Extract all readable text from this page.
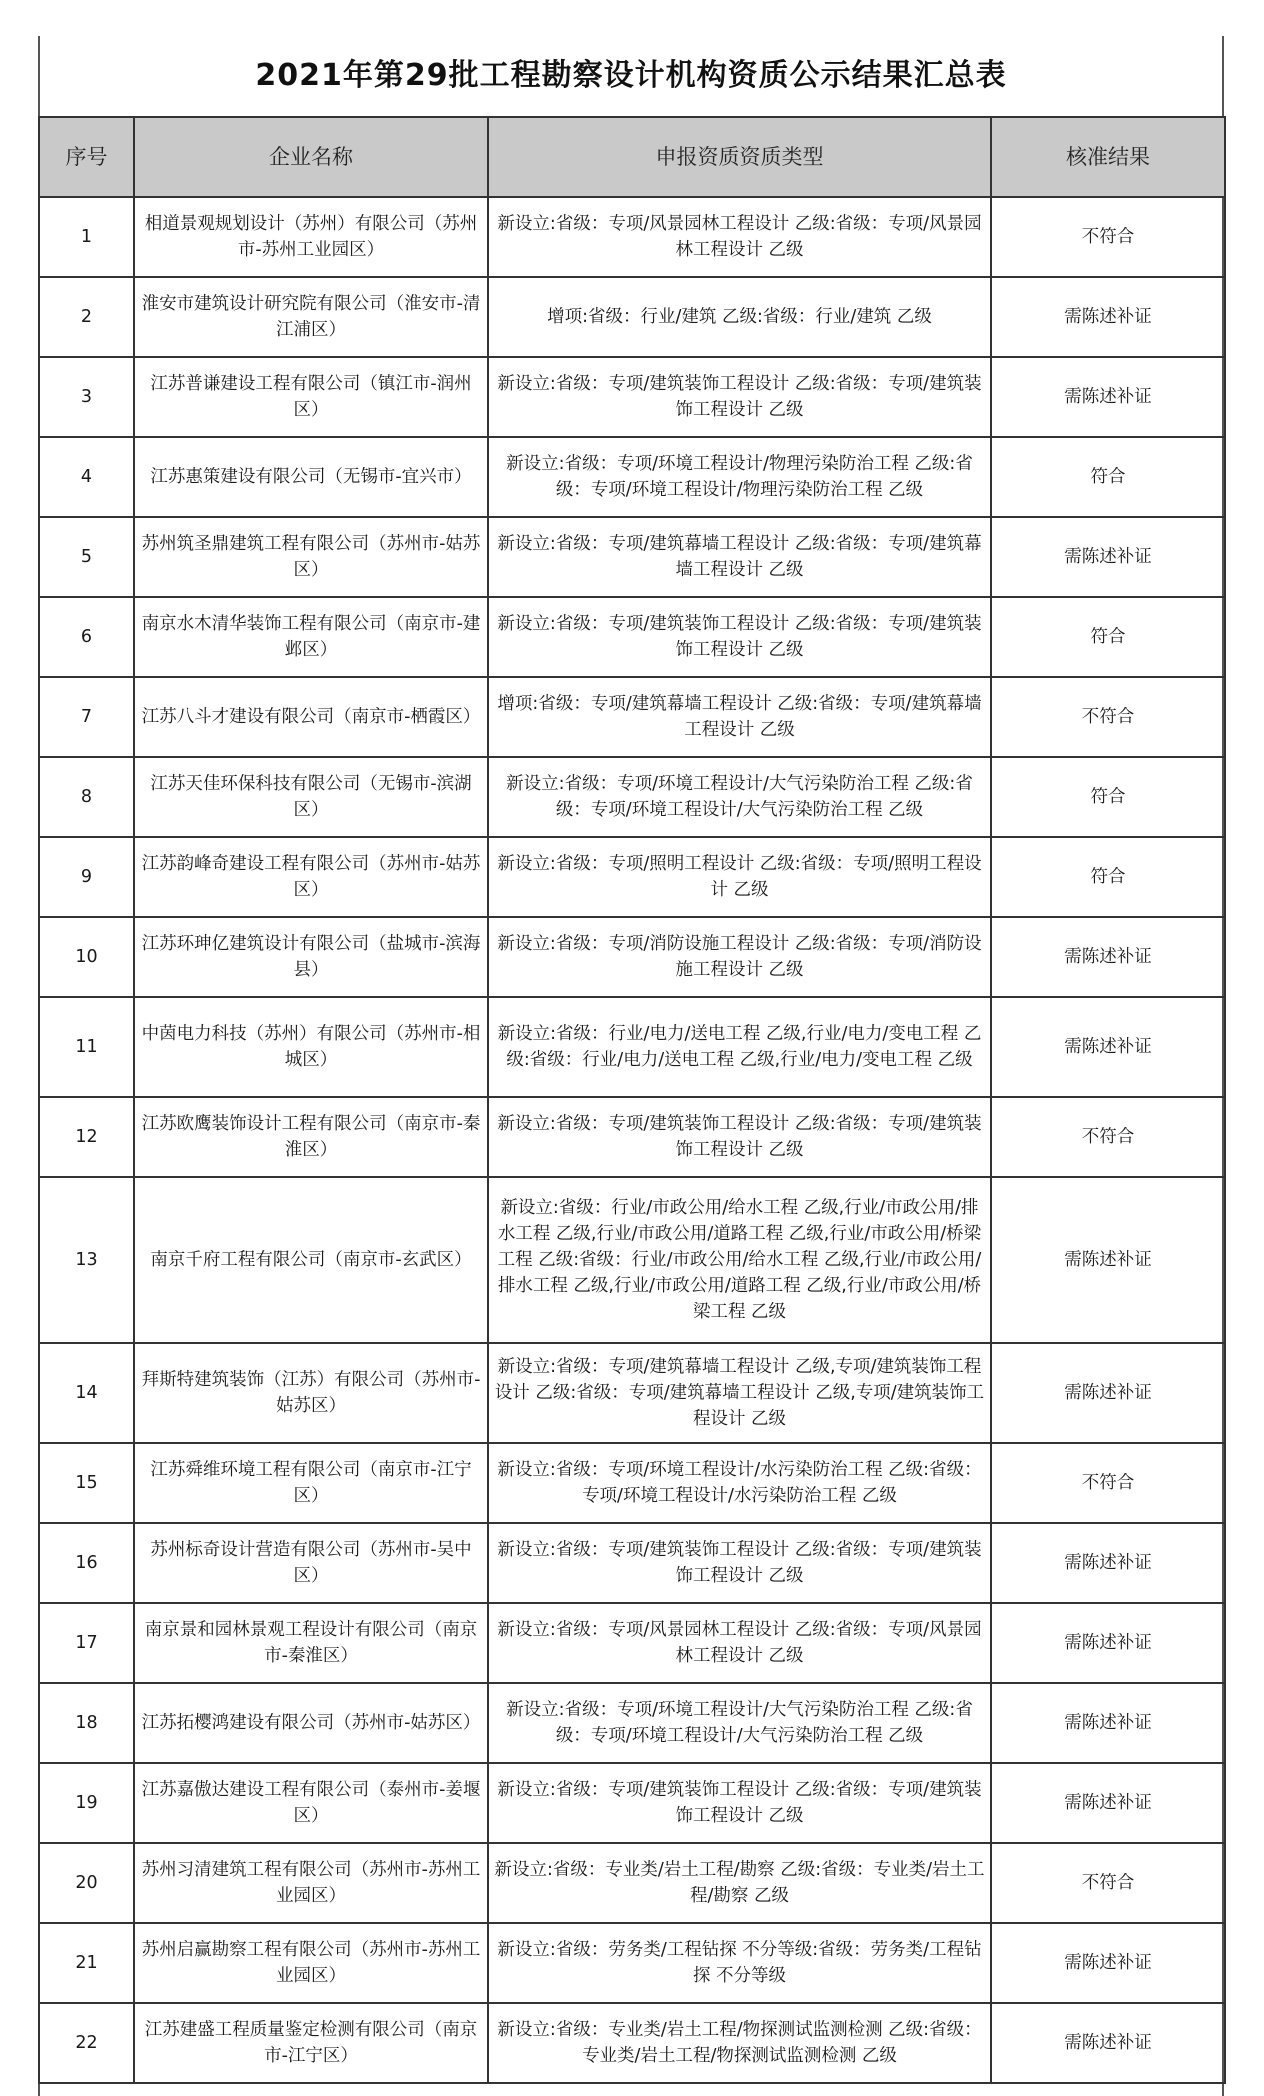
2021年第29批工程勘察设计机构资质公示结果汇总表
序号	企业名称	申报资质资质类型	核准结果
1	相道景观规划设计（苏州）有限公司（苏州市-苏州工业园区）	新设立:省级：专项/风景园林工程设计 乙级:省级：专项/风景园林工程设计 乙级	不符合
2	淮安市建筑设计研究院有限公司（淮安市-清江浦区）	增项:省级：行业/建筑 乙级:省级：行业/建筑 乙级	需陈述补证
3	江苏普谦建设工程有限公司（镇江市-润州区）	新设立:省级：专项/建筑装饰工程设计 乙级:省级：专项/建筑装饰工程设计 乙级	需陈述补证
4	江苏惠策建设有限公司（无锡市-宜兴市）	新设立:省级：专项/环境工程设计/物理污染防治工程 乙级:省级：专项/环境工程设计/物理污染防治工程 乙级	符合
5	苏州筑圣鼎建筑工程有限公司（苏州市-姑苏区）	新设立:省级：专项/建筑幕墙工程设计 乙级:省级：专项/建筑幕墙工程设计 乙级	需陈述补证
6	南京水木清华装饰工程有限公司（南京市-建邺区）	新设立:省级：专项/建筑装饰工程设计 乙级:省级：专项/建筑装饰工程设计 乙级	符合
7	江苏八斗才建设有限公司（南京市-栖霞区）	增项:省级：专项/建筑幕墙工程设计 乙级:省级：专项/建筑幕墙工程设计 乙级	不符合
8	江苏天佳环保科技有限公司（无锡市-滨湖区）	新设立:省级：专项/环境工程设计/大气污染防治工程 乙级:省级：专项/环境工程设计/大气污染防治工程 乙级	符合
9	江苏韵峰奇建设工程有限公司（苏州市-姑苏区）	新设立:省级：专项/照明工程设计 乙级:省级：专项/照明工程设计 乙级	符合
10	江苏环珅亿建筑设计有限公司（盐城市-滨海县）	新设立:省级：专项/消防设施工程设计 乙级:省级：专项/消防设施工程设计 乙级	需陈述补证
11	中茵电力科技（苏州）有限公司（苏州市-相城区）	新设立:省级：行业/电力/送电工程 乙级,行业/电力/变电工程 乙级:省级：行业/电力/送电工程 乙级,行业/电力/变电工程 乙级	需陈述补证
12	江苏欧鹰装饰设计工程有限公司（南京市-秦淮区）	新设立:省级：专项/建筑装饰工程设计 乙级:省级：专项/建筑装饰工程设计 乙级	不符合
13	南京千府工程有限公司（南京市-玄武区）	新设立:省级：行业/市政公用/给水工程 乙级,行业/市政公用/排水工程 乙级,行业/市政公用/道路工程 乙级,行业/市政公用/桥梁工程 乙级:省级：行业/市政公用/给水工程 乙级,行业/市政公用/排水工程 乙级,行业/市政公用/道路工程 乙级,行业/市政公用/桥梁工程 乙级	需陈述补证
14	拜斯特建筑装饰（江苏）有限公司（苏州市-姑苏区）	新设立:省级：专项/建筑幕墙工程设计 乙级,专项/建筑装饰工程设计 乙级:省级：专项/建筑幕墙工程设计 乙级,专项/建筑装饰工程设计 乙级	需陈述补证
15	江苏舜维环境工程有限公司（南京市-江宁区）	新设立:省级：专项/环境工程设计/水污染防治工程 乙级:省级：专项/环境工程设计/水污染防治工程 乙级	不符合
16	苏州标奇设计营造有限公司（苏州市-吴中区）	新设立:省级：专项/建筑装饰工程设计 乙级:省级：专项/建筑装饰工程设计 乙级	需陈述补证
17	南京景和园林景观工程设计有限公司（南京市-秦淮区）	新设立:省级：专项/风景园林工程设计 乙级:省级：专项/风景园林工程设计 乙级	需陈述补证
18	江苏拓樱鸿建设有限公司（苏州市-姑苏区）	新设立:省级：专项/环境工程设计/大气污染防治工程 乙级:省级：专项/环境工程设计/大气污染防治工程 乙级	需陈述补证
19	江苏嘉傲达建设工程有限公司（泰州市-姜堰区）	新设立:省级：专项/建筑装饰工程设计 乙级:省级：专项/建筑装饰工程设计 乙级	需陈述补证
20	苏州习清建筑工程有限公司（苏州市-苏州工业园区）	新设立:省级：专业类/岩土工程/勘察 乙级:省级：专业类/岩土工程/勘察 乙级	不符合
21	苏州启赢勘察工程有限公司（苏州市-苏州工业园区）	新设立:省级：劳务类/工程钻探 不分等级:省级：劳务类/工程钻探 不分等级	需陈述补证
22	江苏建盛工程质量鉴定检测有限公司（南京市-江宁区）	新设立:省级：专业类/岩土工程/物探测试监测检测 乙级:省级：专业类/岩土工程/物探测试监测检测 乙级	需陈述补证
